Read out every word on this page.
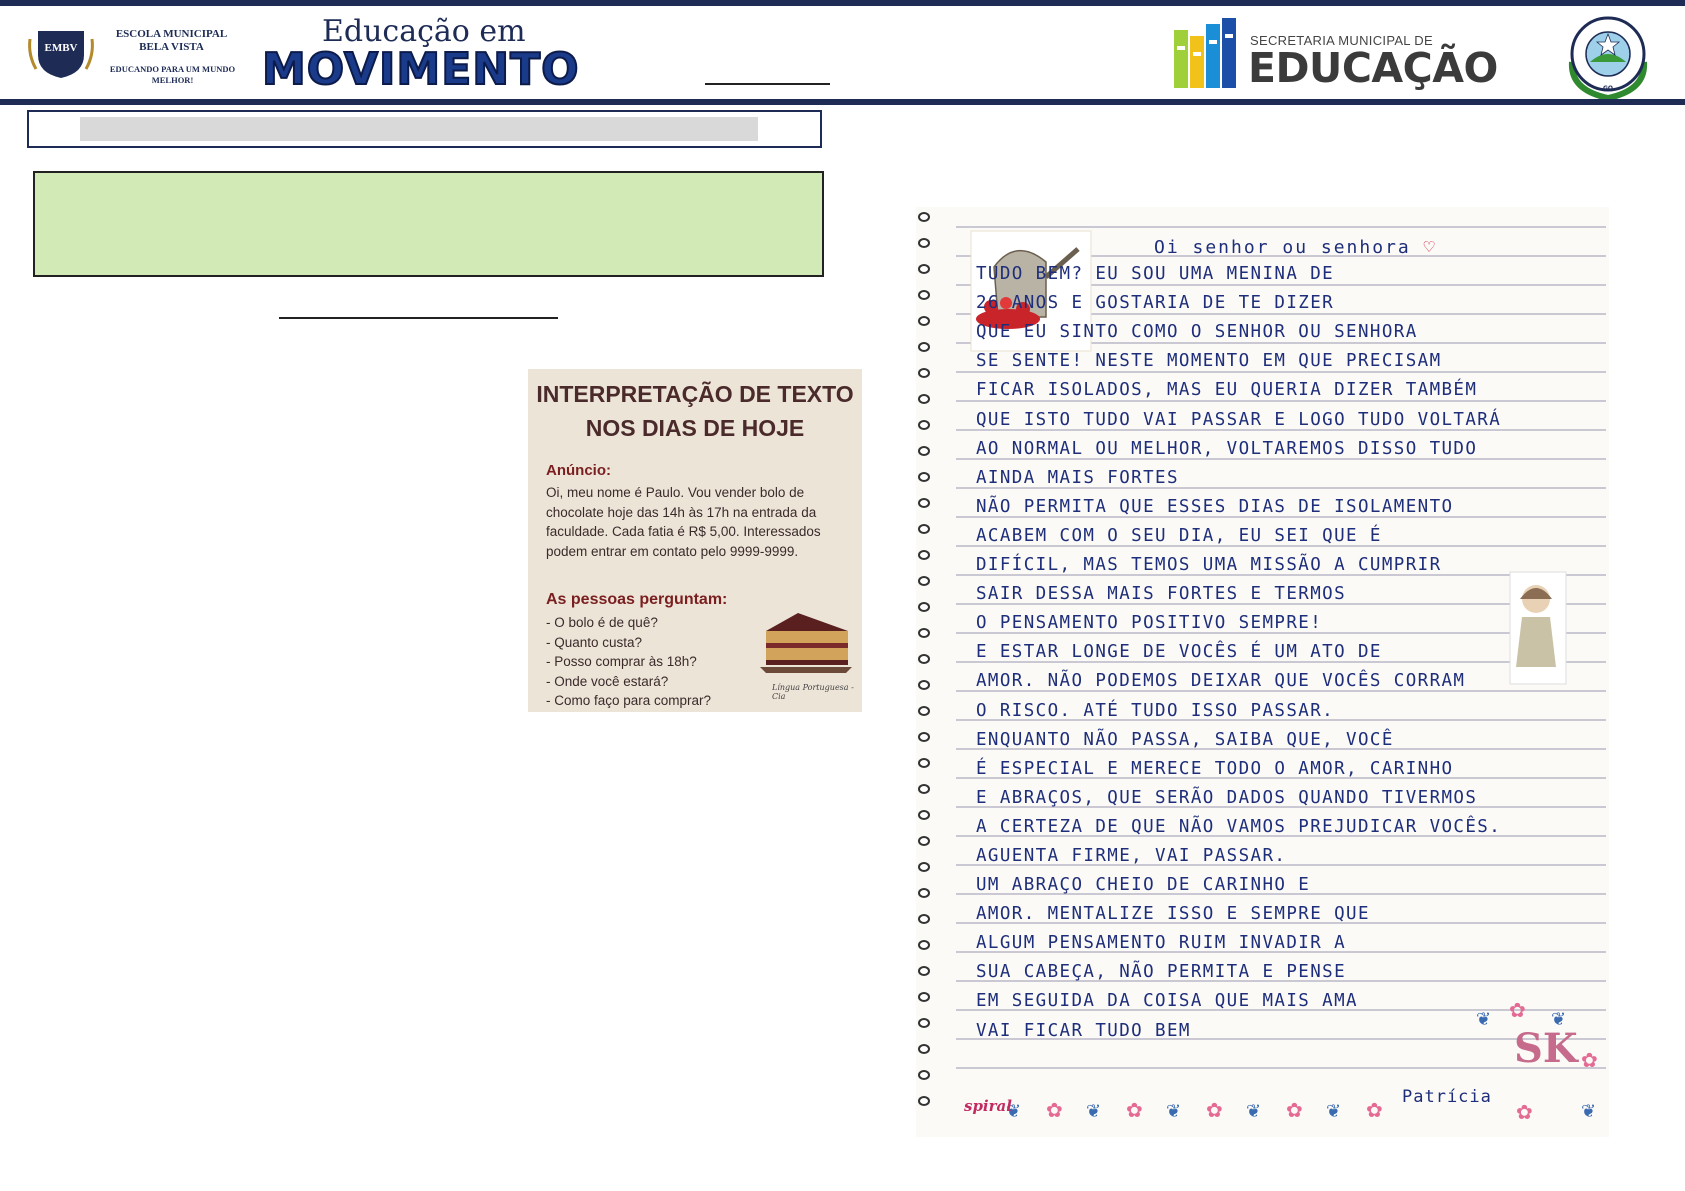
EMBV
ESCOLA MUNICIPAL BELA VISTA
EDUCANDO PARA UM MUNDO MELHOR!
Educação em
MOVIMENTO
SECRETARIA MUNICIPAL DE
EDUCAÇÃO	GO
INTERPRETAÇÃO DE TEXTO
NOS DIAS DE HOJE
Anúncio:
Oi, meu nome é Paulo. Vou vender bolo de
chocolate hoje das 14h às 17h na entrada da
faculdade. Cada fatia é R$ 5,00. Interessados
podem entrar em contato pelo 9999-9999.
As pessoas perguntam:
- O bolo é de quê?
- Quanto custa?
- Posso comprar às 18h?
- Onde você estará?
- Como faço para comprar?
Língua Portuguesa - Cia
✿	✿	✿	✿	✿	✿
✿
✿
❦	❦	❦	❦	❦
❦	❦
❦
Oi senhor ou senhora ♡
TUDO BEM? EU SOU UMA MENINA DE
26 ANOS E GOSTARIA DE TE DIZER
QUE EU SINTO COMO O SENHOR OU SENHORA
SE SENTE! NESTE MOMENTO EM QUE PRECISAM
FICAR ISOLADOS, MAS EU QUERIA DIZER TAMBÉM
QUE ISTO TUDO VAI PASSAR E LOGO TUDO VOLTARÁ
AO NORMAL OU MELHOR, VOLTAREMOS DISSO TUDO
AINDA MAIS FORTES
NÃO PERMITA QUE ESSES DIAS DE ISOLAMENTO
ACABEM COM O SEU DIA, EU SEI QUE É
DIFÍCIL, MAS TEMOS UMA MISSÃO A CUMPRIR
SAIR DESSA MAIS FORTES E TERMOS
O PENSAMENTO POSITIVO SEMPRE!
E ESTAR LONGE DE VOCÊS É UM ATO DE
AMOR. NÃO PODEMOS DEIXAR QUE VOCÊS CORRAM
O RISCO. ATÉ TUDO ISSO PASSAR.
ENQUANTO NÃO PASSA, SAIBA QUE, VOCÊ
É ESPECIAL E MERECE TODO O AMOR, CARINHO
E ABRAÇOS, QUE SERÃO DADOS QUANDO TIVERMOS
A CERTEZA DE QUE NÃO VAMOS PREJUDICAR VOCÊS.
AGUENTA FIRME, VAI PASSAR.
UM ABRAÇO CHEIO DE CARINHO E
AMOR. MENTALIZE ISSO E SEMPRE QUE
ALGUM PENSAMENTO RUIM INVADIR A
SUA CABEÇA, NÃO PERMITA E PENSE
EM SEGUIDA DA COISA QUE MAIS AMA
VAI FICAR TUDO BEM	SK
Patrícia
spiral
